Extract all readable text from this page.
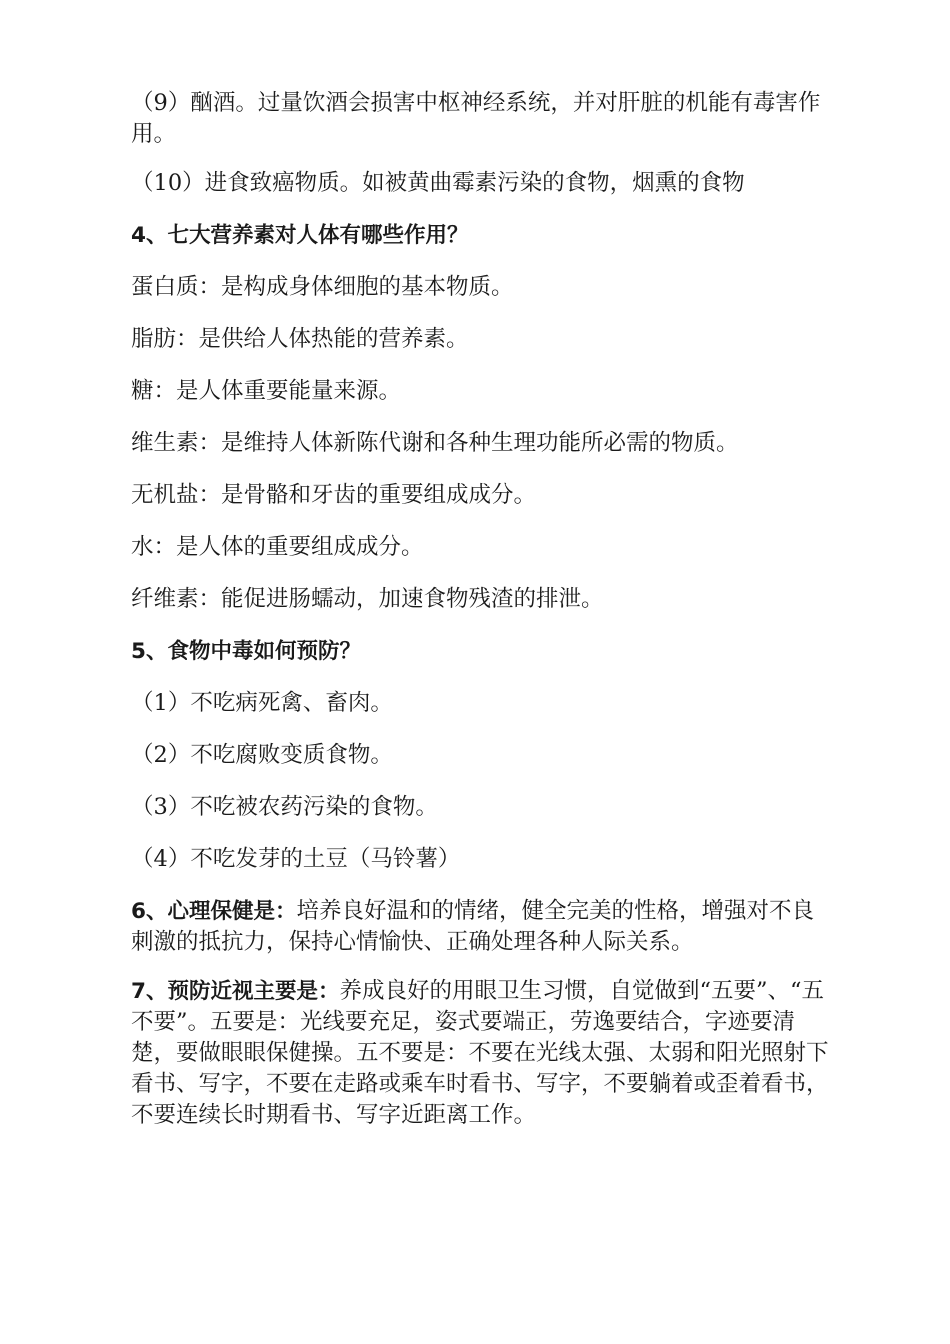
（9）酗酒。过量饮酒会损害中枢神经系统，并对肝脏的机能有毒害作用。

（10）进食致癌物质。如被黄曲霉素污染的食物，烟熏的食物

4、七大营养素对人体有哪些作用？

蛋白质：是构成身体细胞的基本物质。

脂肪：是供给人体热能的营养素。

糖：是人体重要能量来源。

维生素：是维持人体新陈代谢和各种生理功能所必需的物质。

无机盐：是骨骼和牙齿的重要组成成分。

水：是人体的重要组成成分。

纤维素：能促进肠蠕动，加速食物残渣的排泄。

5、食物中毒如何预防？

（1）不吃病死禽、畜肉。

（2）不吃腐败变质食物。

（3）不吃被农药污染的食物。

（4）不吃发芽的土豆（马铃薯）

6、心理保健是：培养良好温和的情绪，健全完美的性格，增强对不良刺激的抵抗力，保持心情愉快、正确处理各种人际关系。

7、预防近视主要是：养成良好的用眼卫生习惯，自觉做到“五要”、“五不要”。五要是：光线要充足，姿式要端正，劳逸要结合，字迹要清楚，要做眼眼保健操。五不要是：不要在光线太强、太弱和阳光照射下看书、写字，不要在走路或乘车时看书、写字，不要躺着或歪着看书，不要连续长时期看书、写字近距离工作。
